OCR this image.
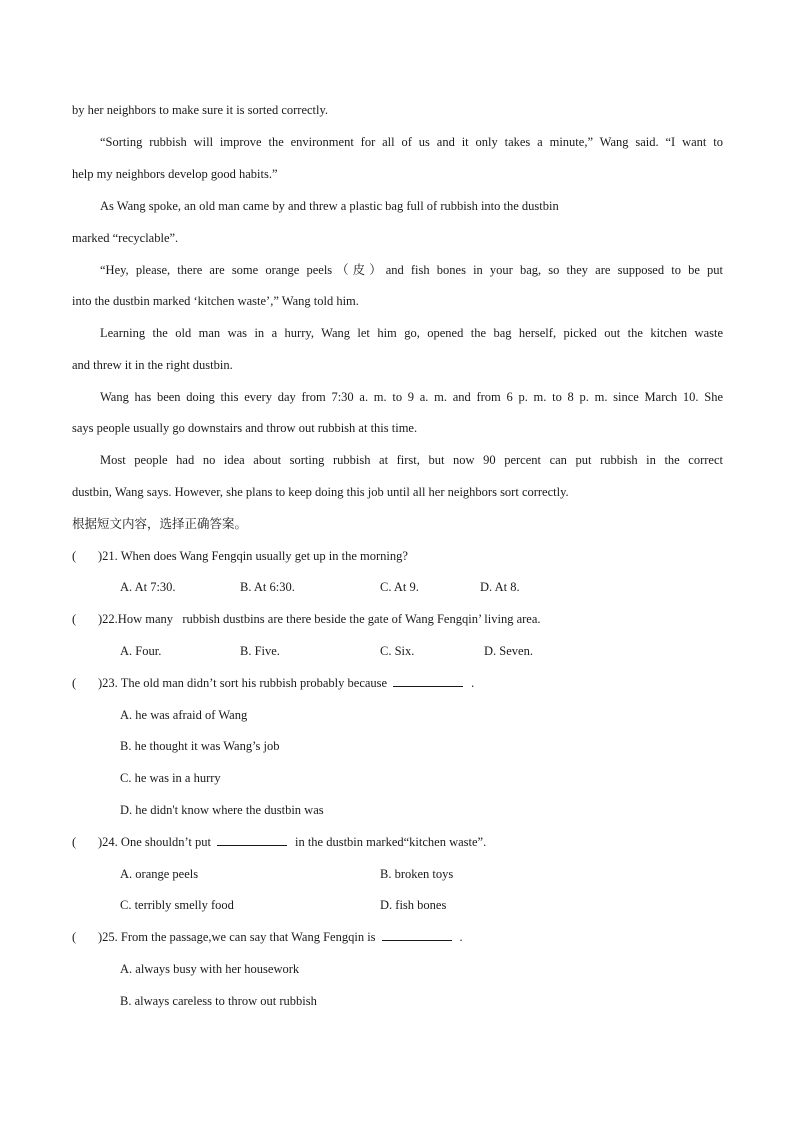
by her neighbors to make sure it is sorted correctly.
“Sorting rubbish will improve the environment for all of us and it only takes a minute,” Wang said. “I want to
help my neighbors develop good habits.”
As Wang spoke, an old man came by and threw a plastic bag full of rubbish into the dustbin
marked “recyclable”.
“Hey, please, there are some orange peels（皮）and fish bones in your bag, so they are supposed to be put
into the dustbin marked ‘kitchen waste’,” Wang told him.
Learning the old man was in a hurry, Wang let him go, opened the bag herself, picked out the kitchen waste
and threw it in the right dustbin.
Wang has been doing this every day from 7:30 a. m. to 9 a. m. and from 6 p. m. to 8 p. m. since March 10. She
says people usually go downstairs and throw out rubbish at this time.
Most people had no idea about sorting rubbish at first, but now 90 percent can put rubbish in the correct
dustbin, Wang says. However, she plans to keep doing this job until all her neighbors sort correctly.
根据短文内容，选择正确答案。
( )21. When does Wang Fengqin usually get up in the morning?
A. At 7:30.	B. At 6:30.	C. At 9.	D. At 8.
( )22.How many   rubbish dustbins are there beside the gate of Wang Fengqin’ living area.
A. Four.	B. Five.	C. Six.	D. Seven.
( )23. The old man didn’t sort his rubbish probably because	.
A. he was afraid of Wang
B. he thought it was Wang’s job
C. he was in a hurry
D. he didn't know where the dustbin was
( )24. One shouldn’t put	in the dustbin marked“kitchen waste”.
A. orange peels	B. broken toys
C. terribly smelly food	D. fish bones
( )25. From the passage,we can say that Wang Fengqin is	.
A. always busy with her housework
B. always careless to throw out rubbish
